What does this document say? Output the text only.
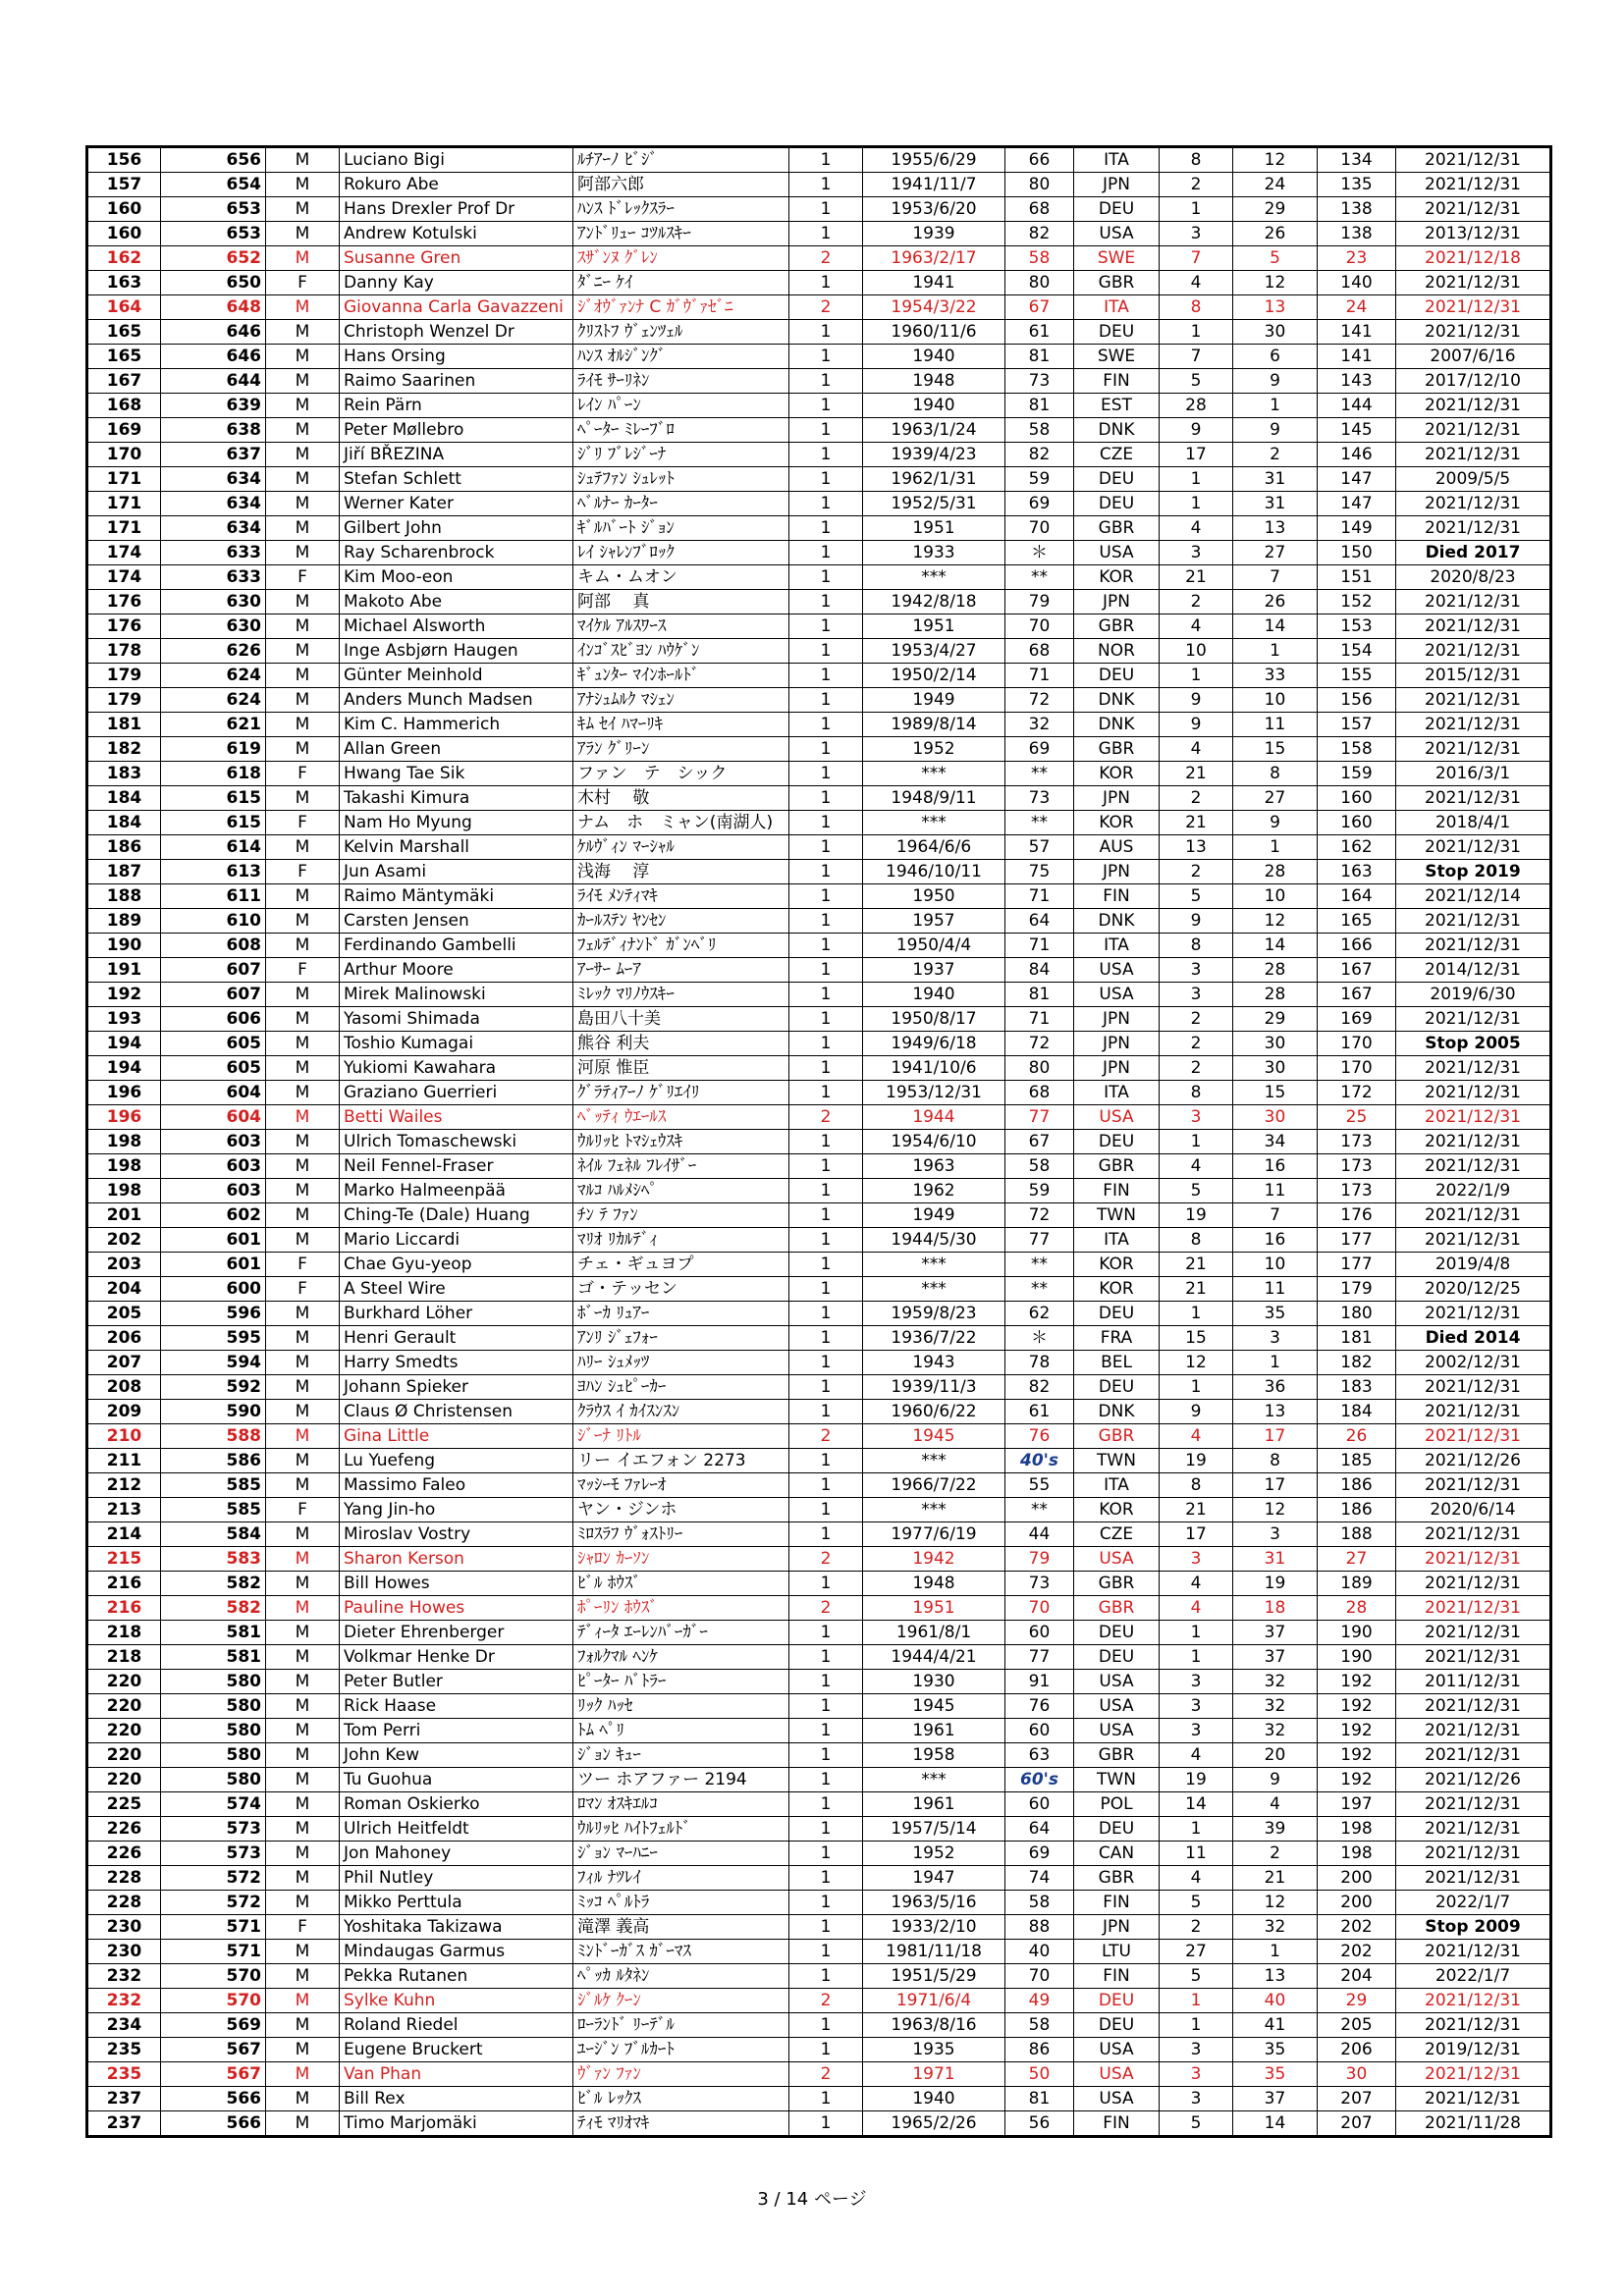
156	656	M	Luciano Bigi	ﾙﾁｱｰﾉ ﾋﾞｼﾞ	1	1955/6/29	66	ITA	8	12	134	2021/12/31
157	654	M	Rokuro Abe	阿部六郎	1	1941/11/7	80	JPN	2	24	135	2021/12/31
160	653	M	Hans Drexler Prof Dr	ﾊﾝｽ ﾄﾞﾚｯｸｽﾗｰ	1	1953/6/20	68	DEU	1	29	138	2021/12/31
160	653	M	Andrew Kotulski	ｱﾝﾄﾞﾘｭｰ ｺﾂﾙｽｷｰ	1	1939	82	USA	3	26	138	2013/12/31
162	652	M	Susanne Gren	ｽｻﾞﾝﾇ ｸﾞﾚﾝ	2	1963/2/17	58	SWE	7	5	23	2021/12/18
163	650	F	Danny Kay	ﾀﾞﾆｰ ｹｲ	1	1941	80	GBR	4	12	140	2021/12/31
164	648	M	Giovanna Carla Gavazzeni	ｼﾞｵｳﾞｧﾝﾅ C ｶﾞｳﾞｧｾﾞﾆ	2	1954/3/22	67	ITA	8	13	24	2021/12/31
165	646	M	Christoph Wenzel Dr	ｸﾘｽﾄﾌ ｳﾞｪﾝﾂｪﾙ	1	1960/11/6	61	DEU	1	30	141	2021/12/31
165	646	M	Hans Orsing	ﾊﾝｽ ｵﾙｼﾞﾝｸﾞ	1	1940	81	SWE	7	6	141	2007/6/16
167	644	M	Raimo Saarinen	ﾗｲﾓ ｻｰﾘﾈﾝ	1	1948	73	FIN	5	9	143	2017/12/10
168	639	M	Rein Pärn	ﾚｲﾝ ﾊﾟｰﾝ	1	1940	81	EST	28	1	144	2021/12/31
169	638	M	Peter Møllebro	ﾍﾟｰﾀｰ ﾐﾚｰﾌﾞﾛ	1	1963/1/24	58	DNK	9	9	145	2021/12/31
170	637	M	Jiří BŘEZINA	ｼﾞﾘ ﾌﾞﾚｼﾞｰﾅ	1	1939/4/23	82	CZE	17	2	146	2021/12/31
171	634	M	Stefan Schlett	ｼｭﾃﾌｧﾝ ｼｭﾚｯﾄ	1	1962/1/31	59	DEU	1	31	147	2009/5/5
171	634	M	Werner Kater	ﾍﾞﾙﾅｰ ｶｰﾀｰ	1	1952/5/31	69	DEU	1	31	147	2021/12/31
171	634	M	Gilbert John	ｷﾞﾙﾊﾞｰﾄ ｼﾞｮﾝ	1	1951	70	GBR	4	13	149	2021/12/31
174	633	M	Ray Scharenbrock	ﾚｲ ｼｬﾚﾝﾌﾞﾛｯｸ	1	1933	＊	USA	3	27	150	Died 2017
174	633	F	Kim Moo-eon	キム・ムオン	1	***	**	KOR	21	7	151	2020/8/23
176	630	M	Makoto Abe	阿部　 真	1	1942/8/18	79	JPN	2	26	152	2021/12/31
176	630	M	Michael Alsworth	ﾏｲｹﾙ ｱﾙｽﾜｰｽ	1	1951	70	GBR	4	14	153	2021/12/31
178	626	M	Inge Asbjørn Haugen	ｲﾝｺﾞｽﾋﾞﾖﾝ ﾊｳｹﾞﾝ	1	1953/4/27	68	NOR	10	1	154	2021/12/31
179	624	M	Günter Meinhold	ｷﾞｭﾝﾀｰ ﾏｲﾝﾎｰﾙﾄﾞ	1	1950/2/14	71	DEU	1	33	155	2015/12/31
179	624	M	Anders Munch Madsen	ｱﾅｼｭﾑﾙｸ ﾏｼｪﾝ	1	1949	72	DNK	9	10	156	2021/12/31
181	621	M	Kim C. Hammerich	ｷﾑ ｾｲ ﾊﾏｰﾘｷ	1	1989/8/14	32	DNK	9	11	157	2021/12/31
182	619	M	Allan Green	ｱﾗﾝ ｸﾞﾘｰﾝ	1	1952	69	GBR	4	15	158	2021/12/31
183	618	F	Hwang Tae Sik	ファン　テ　シック	1	***	**	KOR	21	8	159	2016/3/1
184	615	M	Takashi Kimura	木村　 敬	1	1948/9/11	73	JPN	2	27	160	2021/12/31
184	615	F	Nam Ho Myung	ナム　ホ　ミャン(南湖人)	1	***	**	KOR	21	9	160	2018/4/1
186	614	M	Kelvin Marshall	ｹﾙｳﾞｨﾝ ﾏｰｼｬﾙ	1	1964/6/6	57	AUS	13	1	162	2021/12/31
187	613	F	Jun Asami	浅海　 淳	1	1946/10/11	75	JPN	2	28	163	Stop 2019
188	611	M	Raimo Mäntymäki	ﾗｲﾓ ﾒﾝﾃｨﾏｷ	1	1950	71	FIN	5	10	164	2021/12/14
189	610	M	Carsten Jensen	ｶｰﾙｽﾃﾝ ﾔﾝｾﾝ	1	1957	64	DNK	9	12	165	2021/12/31
190	608	M	Ferdinando Gambelli	ﾌｪﾙﾃﾞｨﾅﾝﾄﾞ ｶﾞﾝﾍﾞﾘ	1	1950/4/4	71	ITA	8	14	166	2021/12/31
191	607	F	Arthur Moore	ｱｰｻｰ ﾑｰｱ	1	1937	84	USA	3	28	167	2014/12/31
192	607	M	Mirek Malinowski	ﾐﾚｯｸ ﾏﾘﾉｳｽｷｰ	1	1940	81	USA	3	28	167	2019/6/30
193	606	M	Yasomi Shimada	島田八十美	1	1950/8/17	71	JPN	2	29	169	2021/12/31
194	605	M	Toshio Kumagai	熊谷 利夫	1	1949/6/18	72	JPN	2	30	170	Stop 2005
194	605	M	Yukiomi Kawahara	河原 惟臣	1	1941/10/6	80	JPN	2	30	170	2021/12/31
196	604	M	Graziano Guerrieri	ｸﾞﾗﾃｨｱｰﾉ ｹﾞﾘｴｲﾘ	1	1953/12/31	68	ITA	8	15	172	2021/12/31
196	604	M	Betti Wailes	ﾍﾞｯﾃｨ ｳｴｰﾙｽ	2	1944	77	USA	3	30	25	2021/12/31
198	603	M	Ulrich Tomaschewski	ｳﾙﾘｯﾋ ﾄﾏｼｪｳｽｷ	1	1954/6/10	67	DEU	1	34	173	2021/12/31
198	603	M	Neil Fennel-Fraser	ﾈｲﾙ ﾌｪﾈﾙ ﾌﾚｲｻﾞｰ	1	1963	58	GBR	4	16	173	2021/12/31
198	603	M	Marko Halmeenpää	ﾏﾙｺ ﾊﾙﾒｼﾍﾟ	1	1962	59	FIN	5	11	173	2022/1/9
201	602	M	Ching-Te (Dale) Huang	ﾁﾝ ﾃ ﾌｧﾝ	1	1949	72	TWN	19	7	176	2021/12/31
202	601	M	Mario Liccardi	ﾏﾘｵ ﾘｶﾙﾃﾞｨ	1	1944/5/30	77	ITA	8	16	177	2021/12/31
203	601	F	Chae Gyu-yeop	チェ・ギュヨプ	1	***	**	KOR	21	10	177	2019/4/8
204	600	F	A Steel Wire	ゴ・テッセン	1	***	**	KOR	21	11	179	2020/12/25
205	596	M	Burkhard Löher	ﾎﾞｰｶ ﾘｭｱｰ	1	1959/8/23	62	DEU	1	35	180	2021/12/31
206	595	M	Henri Gerault	ｱﾝﾘ ｼﾞｪﾌｫｰ	1	1936/7/22	＊	FRA	15	3	181	Died 2014
207	594	M	Harry Smedts	ﾊﾘｰ ｼｭﾒｯﾂ	1	1943	78	BEL	12	1	182	2002/12/31
208	592	M	Johann Spieker	ﾖﾊﾝ ｼｭﾋﾟｰｶｰ	1	1939/11/3	82	DEU	1	36	183	2021/12/31
209	590	M	Claus Ø Christensen	ｸﾗｳｽ ｲ ｶｲｽﾝｽﾝ	1	1960/6/22	61	DNK	9	13	184	2021/12/31
210	588	M	Gina Little	ｼﾞｰﾅ ﾘﾄﾙ	2	1945	76	GBR	4	17	26	2021/12/31
211	586	M	Lu Yuefeng	リー イエフォン 2273	1	***	40's	TWN	19	8	185	2021/12/26
212	585	M	Massimo Faleo	ﾏｯｼｰﾓ ﾌｧﾚｰｵ	1	1966/7/22	55	ITA	8	17	186	2021/12/31
213	585	F	Yang Jin-ho	ヤン・ジンホ	1	***	**	KOR	21	12	186	2020/6/14
214	584	M	Miroslav Vostry	ﾐﾛｽﾗﾌ ｳﾞｫｽﾄﾘｰ	1	1977/6/19	44	CZE	17	3	188	2021/12/31
215	583	M	Sharon Kerson	ｼｬﾛﾝ ｶｰｿﾝ	2	1942	79	USA	3	31	27	2021/12/31
216	582	M	Bill Howes	ﾋﾞﾙ ﾎｳｽﾞ	1	1948	73	GBR	4	19	189	2021/12/31
216	582	M	Pauline Howes	ﾎﾟｰﾘﾝ ﾎｳｽﾞ	2	1951	70	GBR	4	18	28	2021/12/31
218	581	M	Dieter Ehrenberger	ﾃﾞｨｰﾀ ｴｰﾚﾝﾊﾞｰｶﾞｰ	1	1961/8/1	60	DEU	1	37	190	2021/12/31
218	581	M	Volkmar Henke Dr	ﾌｫﾙｸﾏﾙ ﾍﾝｹ	1	1944/4/21	77	DEU	1	37	190	2021/12/31
220	580	M	Peter Butler	ﾋﾟｰﾀｰ ﾊﾞﾄﾗｰ	1	1930	91	USA	3	32	192	2011/12/31
220	580	M	Rick Haase	ﾘｯｸ ﾊｯｾ	1	1945	76	USA	3	32	192	2021/12/31
220	580	M	Tom Perri	ﾄﾑ ﾍﾟﾘ	1	1961	60	USA	3	32	192	2021/12/31
220	580	M	John Kew	ｼﾞｮﾝ ｷｭｰ	1	1958	63	GBR	4	20	192	2021/12/31
220	580	M	Tu Guohua	ツー ホアファー 2194	1	***	60's	TWN	19	9	192	2021/12/26
225	574	M	Roman Oskierko	ﾛﾏﾝ ｵｽｷｴﾙｺ	1	1961	60	POL	14	4	197	2021/12/31
226	573	M	Ulrich Heitfeldt	ｳﾙﾘｯﾋ ﾊｲﾄﾌｪﾙﾄﾞ	1	1957/5/14	64	DEU	1	39	198	2021/12/31
226	573	M	Jon Mahoney	ｼﾞｮﾝ ﾏｰﾊﾆｰ	1	1952	69	CAN	11	2	198	2021/12/31
228	572	M	Phil Nutley	ﾌｨﾙ ﾅﾂﾚｲ	1	1947	74	GBR	4	21	200	2021/12/31
228	572	M	Mikko Perttula	ﾐｯｺ ﾍﾟﾙﾄﾗ	1	1963/5/16	58	FIN	5	12	200	2022/1/7
230	571	F	Yoshitaka Takizawa	滝澤 義高	1	1933/2/10	88	JPN	2	32	202	Stop 2009
230	571	M	Mindaugas Garmus	ﾐﾝﾄﾞｰｶﾞｽ ｶﾞｰﾏｽ	1	1981/11/18	40	LTU	27	1	202	2021/12/31
232	570	M	Pekka Rutanen	ﾍﾟｯｶ ﾙﾀﾈﾝ	1	1951/5/29	70	FIN	5	13	204	2022/1/7
232	570	M	Sylke Kuhn	ｼﾞﾙｹ ｸｰﾝ	2	1971/6/4	49	DEU	1	40	29	2021/12/31
234	569	M	Roland Riedel	ﾛｰﾗﾝﾄﾞ ﾘｰﾃﾞﾙ	1	1963/8/16	58	DEU	1	41	205	2021/12/31
235	567	M	Eugene Bruckert	ﾕｰｼﾞﾝ ﾌﾞﾙｶｰﾄ	1	1935	86	USA	3	35	206	2019/12/31
235	567	M	Van Phan	ｳﾞｧﾝ ﾌｧﾝ	2	1971	50	USA	3	35	30	2021/12/31
237	566	M	Bill Rex	ﾋﾞﾙ ﾚｯｸｽ	1	1940	81	USA	3	37	207	2021/12/31
237	566	M	Timo Marjomäki	ﾃｨﾓ ﾏﾘｵﾏｷ	1	1965/2/26	56	FIN	5	14	207	2021/11/28
3 / 14 ページ
